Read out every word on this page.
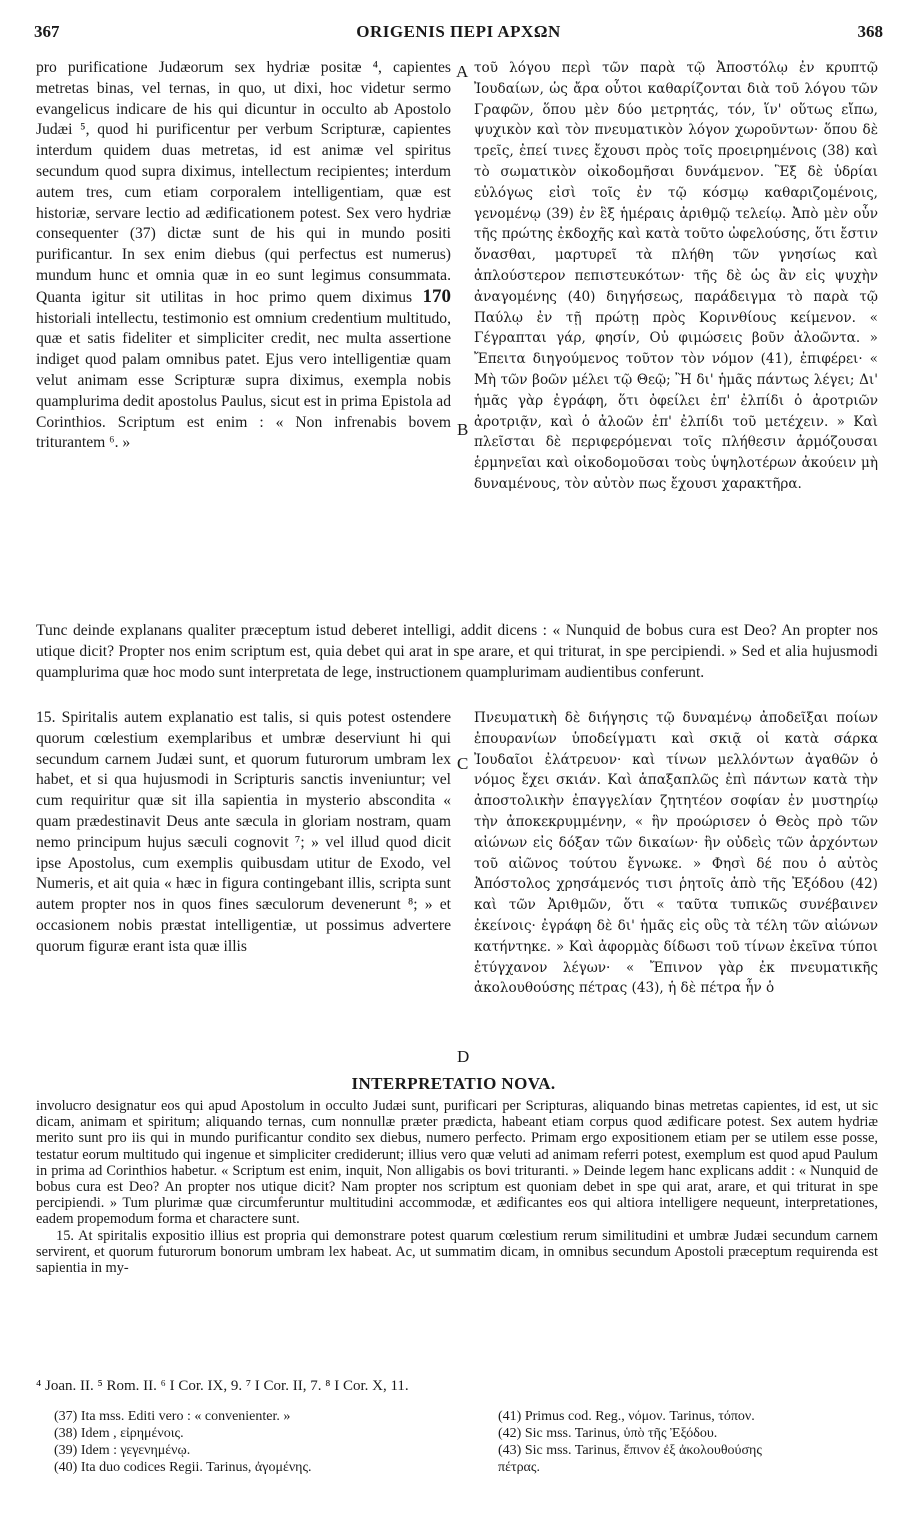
367	ORIGENIS ΠΕΡΙ ΑΡΧΩΝ	368
pro purificatione Judæorum sex hydriæ positæ ⁴, capientes metretas binas, vel ternas, in quo, ut dixi, hoc videtur sermo evangelicus indicare de his qui dicuntur in occulto ab Apostolo Judæi ⁵, quod hi purificentur per verbum Scripturæ, capientes interdum quidem duas metretas, id est animæ vel spiritus secundum quod supra diximus, intellectum recipientes; interdum autem tres, cum etiam corporalem intelligentiam, quæ est historiæ, servare lectio ad ædificationem potest. Sex vero hydriæ consequenter (37) dictæ sunt de his qui in mundo positi purificantur. In sex enim diebus (qui perfectus est numerus) mundum hunc et omnia quæ in eo sunt legimus consummata. Quanta igitur sit utilitas in hoc primo quem diximus 170 historiali intellectu, testimonio est omnium credentium multitudo, quæ et satis fideliter et simpliciter credit, nec multa assertione indiget quod palam omnibus patet. Ejus vero intelligentiæ quam velut animam esse Scripturæ supra diximus, exempla nobis quamplurima dedit apostolus Paulus, sicut est in prima Epistola ad Corinthios. Scriptum est enim : « Non infrenabis bovem triturantem ⁶. »
A
B
C
D
τοῦ λόγου περὶ τῶν παρὰ τῷ Ἀποστόλῳ ἐν κρυπτῷ Ἰουδαίων, ὡς ἄρα οὗτοι καθαρίζονται διὰ τοῦ λόγου τῶν Γραφῶν, ὅπου μὲν δύο μετρητάς, τόν, ἵν' οὕτως εἴπω, ψυχικὸν καὶ τὸν πνευματικὸν λόγον χωροῦντων· ὅπου δὲ τρεῖς, ἐπεί τινες ἔχουσι πρὸς τοῖς προειρημένοις (38) καὶ τὸ σωματικὸν οἰκοδομῆσαι δυνάμενον. Ἓξ δὲ ὑδρίαι εὐλόγως εἰσὶ τοῖς ἐν τῷ κόσμῳ καθαριζομένοις, γενομένῳ (39) ἐν ἓξ ἡμέραις ἀριθμῷ τελείῳ. Ἀπὸ μὲν οὖν τῆς πρώτης ἐκδοχῆς καὶ κατὰ τοῦτο ὠφελούσης, ὅτι ἔστιν ὄνασθαι, μαρτυρεῖ τὰ πλήθη τῶν γνησίως καὶ ἁπλούστερον πεπιστευκότων· τῆς δὲ ὡς ἂν εἰς ψυχὴν ἀναγομένης (40) διηγήσεως, παράδειγμα τὸ παρὰ τῷ Παύλῳ ἐν τῇ πρώτῃ πρὸς Κορινθίους κείμενον. « Γέγραπται γάρ, φησίν, Οὐ φιμώσεις βοῦν ἀλοῶντα. » Ἔπειτα διηγούμενος τοῦτον τὸν νόμον (41), ἐπιφέρει· « Μὴ τῶν βοῶν μέλει τῷ Θεῷ; Ἢ δι' ἡμᾶς πάντως λέγει; Δι' ἡμᾶς γὰρ ἐγράφη, ὅτι ὀφείλει ἐπ' ἐλπίδι ὁ ἀροτριῶν ἀροτριᾷν, καὶ ὁ ἀλοῶν ἐπ' ἐλπίδι τοῦ μετέχειν. » Καὶ πλεῖσται δὲ περιφερόμεναι τοῖς πλήθεσιν ἁρμόζουσαι ἑρμηνεῖαι καὶ οἰκοδομοῦσαι τοὺς ὑψηλοτέρων ἀκούειν μὴ δυναμένους, τὸν αὐτὸν πως ἔχουσι χαρακτῆρα.
Tunc deinde explanans qualiter præceptum istud deberet intelligi, addit dicens : « Nunquid de bobus cura est Deo? An propter nos utique dicit? Propter nos enim scriptum est, quia debet qui arat in spe arare, et qui triturat, in spe percipiendi. » Sed et alia hujusmodi quamplurima quæ hoc modo sunt interpretata de lege, instructionem quamplurimam audientibus conferunt.
15. Spiritalis autem explanatio est talis, si quis potest ostendere quorum cœlestium exemplaribus et umbræ deserviunt hi qui secundum carnem Judæi sunt, et quorum futurorum umbram lex habet, et si qua hujusmodi in Scripturis sanctis inveniuntur; vel cum requiritur quæ sit illa sapientia in mysterio abscondita « quam prædestinavit Deus ante sæcula in gloriam nostram, quam nemo principum hujus sæculi cognovit ⁷; » vel illud quod dicit ipse Apostolus, cum exemplis quibusdam utitur de Exodo, vel Numeris, et ait quia « hæc in figura contingebant illis, scripta sunt autem propter nos in quos fines sæculorum devenerunt ⁸; » et occasionem nobis præstat intelligentiæ, ut possimus advertere quorum figuræ erant ista quæ illis
Πνευματικὴ δὲ διήγησις τῷ δυναμένῳ ἀποδεῖξαι ποίων ἐπουρανίων ὑποδείγματι καὶ σκιᾷ οἱ κατὰ σάρκα Ἰουδαῖοι ἐλάτρευον· καὶ τίνων μελλόντων ἀγαθῶν ὁ νόμος ἔχει σκιάν. Καὶ ἁπαξαπλῶς ἐπὶ πάντων κατὰ τὴν ἀποστολικὴν ἐπαγγελίαν ζητητέον σοφίαν ἐν μυστηρίῳ τὴν ἀποκεκρυμμένην, « ἣν προώρισεν ὁ Θεὸς πρὸ τῶν αἰώνων εἰς δόξαν τῶν δικαίων· ἣν οὐδεὶς τῶν ἀρχόντων τοῦ αἰῶνος τούτου ἔγνωκε. » Φησὶ δέ που ὁ αὐτὸς Ἀπόστολος χρησάμενός τισι ῥητοῖς ἀπὸ τῆς Ἐξόδου (42) καὶ τῶν Ἀριθμῶν, ὅτι « ταῦτα τυπικῶς συνέβαινεν ἐκείνοις· ἐγράφη δὲ δι' ἡμᾶς εἰς οὓς τὰ τέλη τῶν αἰώνων κατήντηκε. » Καὶ ἀφορμὰς δίδωσι τοῦ τίνων ἐκεῖνα τύποι ἐτύγχανον λέγων· « Ἔπινον γὰρ ἐκ πνευματικῆς ἀκολουθούσης πέτρας (43), ἡ δὲ πέτρα ἦν ὁ
INTERPRETATIO NOVA.

involucro designatur eos qui apud Apostolum in occulto Judæi sunt, purificari per Scripturas, aliquando binas metretas capientes, id est, ut sic dicam, animam et spiritum; aliquando ternas, cum nonnullæ præter prædicta, habeant etiam corpus quod ædificare potest. Sex autem hydriæ merito sunt pro iis qui in mundo purificantur condito sex diebus, numero perfecto. Primam ergo expositionem etiam per se utilem esse posse, testatur eorum multitudo qui ingenue et simpliciter crediderunt; illius vero quæ veluti ad animam referri potest, exemplum est quod apud Paulum in prima ad Corinthios habetur. « Scriptum est enim, inquit, Non alligabis os bovi trituranti. » Deinde legem hanc explicans addit : « Nunquid de bobus cura est Deo? An propter nos utique dicit? Nam propter nos scriptum est quoniam debet in spe qui arat, arare, et qui triturat in spe percipiendi. » Tum plurimæ quæ circumferuntur multitudini accommodæ, et ædificantes eos qui altiora intelligere nequeunt, interpretationes, eadem propemodum forma et charactere sunt.

15. At spiritalis expositio illius est propria qui demonstrare potest quarum cœlestium rerum similitudini et umbræ Judæi secundum carnem servirent, et quorum futurorum bonorum umbram lex habeat. Ac, ut summatim dicam, in omnibus secundum Apostoli præceptum requirenda est sapientia in my-

⁴ Joan. II. ⁵ Rom. II. ⁶ I Cor. IX, 9. ⁷ I Cor. II, 7. ⁸ I Cor. X, 11.
(37) Ita mss. Editi vero : « convenienter. »
(38) Idem , εἰρημένοις.
(39) Idem : γεγενημένῳ.
(40) Ita duo codices Regii. Tarinus, ἀγομένης.
(41) Primus cod. Reg., νόμον. Tarinus, τόπον.
(42) Sic mss. Tarinus, ὑπὸ τῆς Ἐξόδου.
(43) Sic mss. Tarinus, ἔπινον ἐξ ἀκολουθούσης
πέτρας.
